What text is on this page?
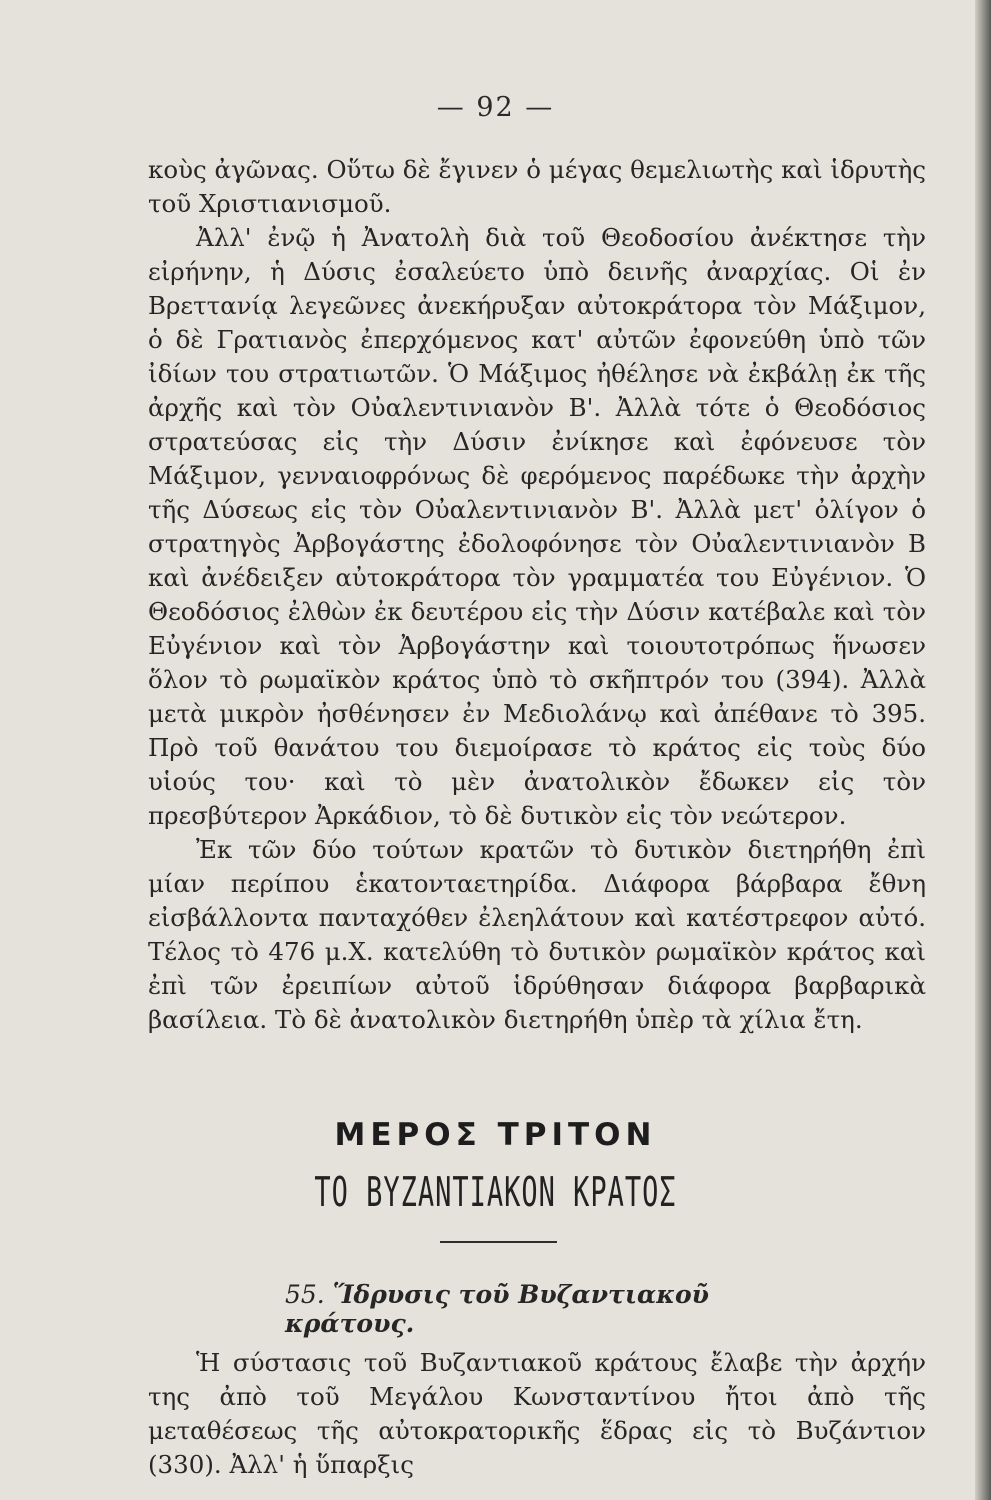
— 92 —

κοὺς ἀγῶνας. Οὕτω δὲ ἔγινεν ὁ μέγας θεμελιωτὴς καὶ ἱδρυτὴς τοῦ Χριστιανισμοῦ.

Ἀλλ' ἐνῷ ἡ Ἀνατολὴ διὰ τοῦ Θεοδοσίου ἀνέκτησε τὴν εἰρήνην, ἡ Δύσις ἐσαλεύετο ὑπὸ δεινῆς ἀναρχίας. Οἱ ἐν Βρεττανίᾳ λεγεῶνες ἀνεκήρυξαν αὐτοκράτορα τὸν Μάξιμον, ὁ δὲ Γρατιανὸς ἐπερχόμενος κατ' αὐτῶν ἐφονεύθη ὑπὸ τῶν ἰδίων του στρατιωτῶν. Ὁ Μάξιμος ἠθέλησε νὰ ἐκβάλῃ ἐκ τῆς ἀρχῆς καὶ τὸν Οὐαλεντινιανὸν Β'. Ἀλλὰ τότε ὁ Θεοδόσιος στρατεύσας εἰς τὴν Δύσιν ἐνίκησε καὶ ἐφόνευσε τὸν Μάξιμον, γενναιοφρόνως δὲ φερόμενος παρέδωκε τὴν ἀρχὴν τῆς Δύσεως εἰς τὸν Οὐαλεντινιανὸν Β'. Ἀλλὰ μετ' ὀλίγον ὁ στρατηγὸς Ἀρβογάστης ἐδολοφόνησε τὸν Οὐαλεντινιανὸν Β καὶ ἀνέδειξεν αὐτοκράτορα τὸν γραμματέα του Εὐγένιον. Ὁ Θεοδόσιος ἐλθὼν ἐκ δευτέρου εἰς τὴν Δύσιν κατέβαλε καὶ τὸν Εὐγένιον καὶ τὸν Ἀρβογάστην καὶ τοιουτοτρόπως ἥνωσεν ὅλον τὸ ρωμαϊκὸν κράτος ὑπὸ τὸ σκῆπτρόν του (394). Ἀλλὰ μετὰ μικρὸν ἠσθένησεν ἐν Μεδιολάνῳ καὶ ἀπέθανε τὸ 395. Πρὸ τοῦ θανάτου του διεμοίρασε τὸ κράτος εἰς τοὺς δύο υἱούς του· καὶ τὸ μὲν ἀνατολικὸν ἔδωκεν εἰς τὸν πρεσβύτερον Ἀρκάδιον, τὸ δὲ δυτικὸν εἰς τὸν νεώτερον.

Ἐκ τῶν δύο τούτων κρατῶν τὸ δυτικὸν διετηρήθη ἐπὶ μίαν περίπου ἑκατονταετηρίδα. Διάφορα βάρβαρα ἔθνη εἰσβάλλοντα πανταχόθεν ἐλεηλάτουν καὶ κατέστρεφον αὐτό. Τέλος τὸ 476 μ.Χ. κατελύθη τὸ δυτικὸν ρωμαϊκὸν κράτος καὶ ἐπὶ τῶν ἐρειπίων αὐτοῦ ἱδρύθησαν διάφορα βαρβαρικὰ βασίλεια. Τὸ δὲ ἀνατολικὸν διετηρήθη ὑπὲρ τὰ χίλια ἔτη.

ΜΕΡΟΣ ΤΡΙΤΟΝ
ΤΟ ΒΥΖΑΝΤΙΑΚΟΝ ΚΡΑΤΟΣ
55. Ἵδρυσις τοῦ Βυζαντιακοῦ κράτους.

Ἡ σύστασις τοῦ Βυζαντιακοῦ κράτους ἔλαβε τὴν ἀρχήν της ἀπὸ τοῦ Μεγάλου Κωνσταντίνου ἤτοι ἀπὸ τῆς μεταθέσεως τῆς αὐτοκρατορικῆς ἕδρας εἰς τὸ Βυζάντιον (330). Ἀλλ' ἡ ὕπαρξις
